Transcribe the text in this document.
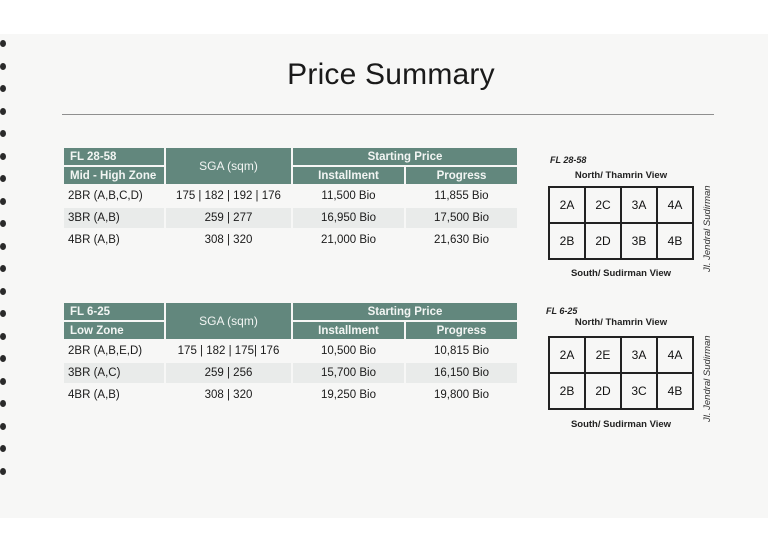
Price Summary
FL 28-58	SGA (sqm)	Starting Price	
Mid - High Zone		Installment	Progress
2BR (A,B,C,D)	175 | 182 | 192 | 176	11,500 Bio	11,855 Bio
3BR (A,B)	259 | 277	16,950 Bio	17,500 Bio
4BR (A,B)	308 | 320	21,000 Bio	21,630 Bio
FL 6-25	SGA (sqm)	Starting Price	
Low Zone		Installment	Progress
2BR (A,B,E,D)	175 | 182 | 175| 176	10,500 Bio	10,815 Bio
3BR (A,C)	259 | 256	15,700 Bio	16,150 Bio
4BR (A,B)	308 | 320	19,250 Bio	19,800 Bio
FL 28-58
North/ Thamrin View
2A	2C	3A	4A
2B	2D	3B	4B
South/ Sudirman View
Jl. Jendral Sudirman
FL 6-25
North/ Thamrin View
2A	2E	3A	4A
2B	2D	3C	4B
South/ Sudirman View
Jl. Jendral Sudirman
